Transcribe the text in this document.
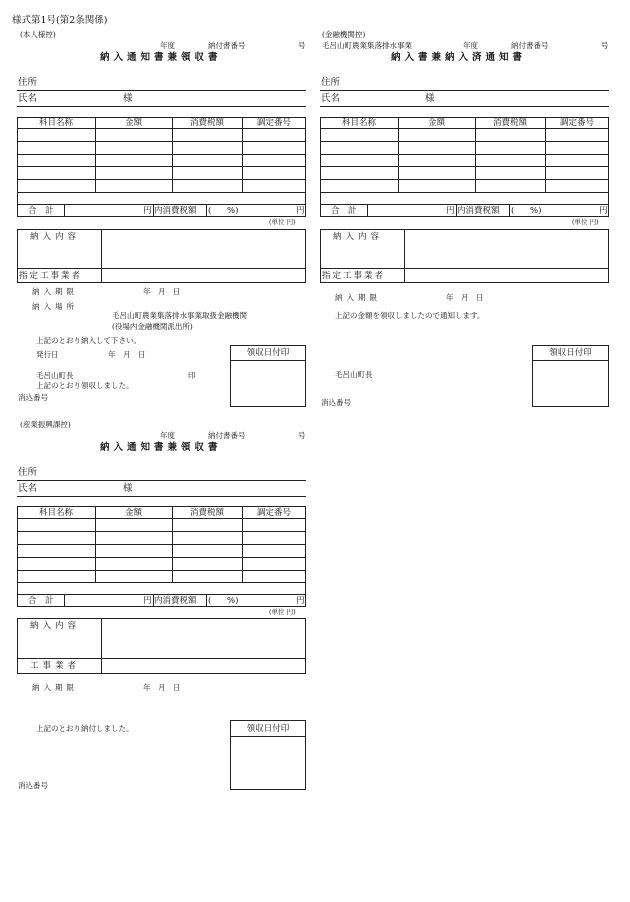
様式第1号(第2条関係)
(本人様控)
年度	納付書番号	号
納入通知書兼領収書
住所
氏名	様
科目名称	金額	消費税額	調定番号
合　計	円 内消費税額 ( %)	円
(単位 円)
納入内容
指定工事業者
納入期限	年　月　日
納入場所
毛呂山町農業集落排水事業取扱金融機関
(役場内金融機関派出所)
上記のとおり納入して下さい。
発行日	年　月　日
毛呂山町長	印
上記のとおり領収しました。
消込番号
領収日付印
(金融機関控)
毛呂山町農業集落排水事業	年度	納付書番号	号
納入書兼納入済通知書
住所
氏名	様
科目名称	金額	消費税額	調定番号
合　計	円 内消費税額 ( %)	円
(単位 円)
納入内容
指定工事業者
納入期限	年　月　日
上記の金額を領収しましたので通知します。
毛呂山町長
消込番号
領収日付印
(産業振興課控)
年度	納付書番号	号
納入通知書兼領収書
住所
氏名	様
科目名称	金額	消費税額	調定番号
合　計	円 内消費税額 ( %)	円
(単位 円)
納入内容
工事業者
納入期限	年　月　日
上記のとおり納付しました。
消込番号
領収日付印
